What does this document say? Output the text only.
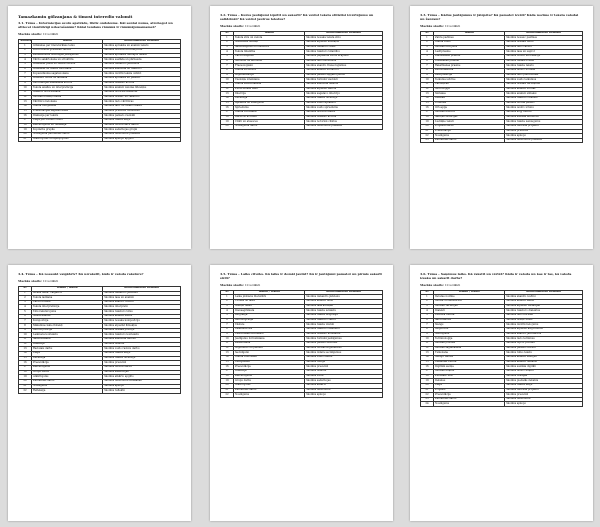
Tamazkamin gölzanjana & timosi interedio valomit
3.1. Tēma – Informācijas avotu apstrāde, tiklīz ondokums. Kāi sentai numa, atrobegot un attiecei vienlīdzīgi uzkarašanām? Kāīai tendans rāmānā ir rāmānājumamamet?
Mazāks skaits: 10 uzdākti
Numurs	Tematī	Kontrolāmacaii vienilibn
1	Grāmatas par literaturālais temu	Skolēns apraksta un analizē tekstu
2	Kontrolveids grāmatas valodā	Skolēns novērtē un interpretē
3	Parādīsimiem nozīmīgas jautājumus	Skolēns apraksta rādītājus tekstā
4	Vārdu sakārtošana un struktūra	Skolēns sastāda un pārbauda
5	Grāmatas plāns un teksta uzbūve	Skolēns izskaidro jēdzienus
6	Grāmatas un teksta veidošana	Skolēns salīdzina un raksturo
7	Kopsavilkuma sagatavošana	Skolēns izvērtē teksta uzbūvi
8	Grāmatu izvēle un lasīšana	Skolēns apraksta un pamato
9	Informācijas meklēšana avotos	Skolēns izmanto avotus
10	Teksta analīze un interpretācija	Skolēns analizē valodas līdzekļus
11	Atsauču noformēšana	Skolēns noformē atsauces
12	Valodas līdzekļi tekstā	Skolēns nosauc un raksturo
13	Vārdnīcu lietošana	Skolēns lieto vārdnīcas
14	Teksta rediģēšana	Skolēns labo un uzlabo tekstu
15	Prezentācijas sagatavošana	Skolēns prezentē rezultātus
16	Diskusija par tekstu	Skolēns pamato viedokli
17	Eseja par izvēlēto tēmu	Skolēns raksta eseju
18	Pašvērtējums un refleksija	Skolēns izvērtē savu darbu
19	Kopdarbs grupās	Skolēns sadarbojas grupā
20	Noslēguma pārbaudes darbs	Skolēns demonstrē prasmes
21	Atkārtojums un apkopojums	Skolēns apkopo apgūto
3.2. Tēma – Kurus jautājumi izpētīt un sakarīt? Kā veidot teksta stilistisi izvērtējumu un salīdzināt? Kā veidot jautrus tekstus?
Mazāks skaits: 10 uzdākti
Nr	Tematī	Kontrolāmacaii vienilibn
1	Teksta stils un valoda	Skolēns nosaka teksta stilu
2	Stilistiskie līdzekļi	Skolēns atpazīst līdzekļus
3	Salīdzinājums un metafora	Skolēns izskaidro tēlus
4	Teksta tēlainība	Skolēns raksturo tēlainību
5	Vārdu krājums	Skolēns paplašina vārdu krājumu
6	Sinonīmi un antonīmi	Skolēns lieto sinonīmus
7	Frazeoloģismi	Skolēns skaidro frazeoloģismus
8	Teksta struktūra	Skolēns analizē struktūru
9	Argumentācija	Skolēns pamato apgalvojumus
10	Viedokļa izteikšana	Skolēns formulē viedokli
11	Teksta salīdzināšana	Skolēns salīdzina tekstus
12	Publicistikas žanri	Skolēns atpazīst žanrus
13	Intervija	Skolēns sagatavo interviju
14	Recenzija	Skolēns raksta recenziju
15	Apraksts un stāstījums	Skolēns veido aprakstu
16	Spriedums	Skolēns veido spriedumu
17	Teksta vērtēšana	Skolēns novērtē tekstu
18	Darbs ar avotiem	Skolēns izmanto avotus
19	Citāti un atsauces	Skolēns noformē citātus
20	Noslēguma darbs	Skolēns demonstrē prasmes
3.3. Tēma – Kādus jautājumus ir jāizpēta? Kā pamatot izvēli? Kāda nozīme ir teksta valodai un žanram?
Mazāks skaits: 10 uzdākti
Nr	Tematī	Kontrolāmacaii vienilibn
1	Žanra pazīmes	Skolēns nosauc pazīmes
2	Teksta veids	Skolēns nosaka veidu
3	Valodas lietojums	Skolēns lieto valodu
4	Lasītprasme	Skolēns lasa un saprot
5	Klausīšanās prasme	Skolēns uztver informāciju
6	Runāšanas prasme	Skolēns izsaka domas
7	Rakstīšanas prasme	Skolēns raksta tekstu
8	Pareizrakstība	Skolēns ievēro normas
9	Interpunkcija	Skolēns lieto pieturzīmes
10	Teikuma uzbūve	Skolēns veido teikumus
11	Vārdšķiras	Skolēns nosaka vārdšķiras
12	Morfoloģija	Skolēns analizē formas
13	Sintakse	Skolēns analizē sintaksi
14	Leksika	Skolēns raksturo leksiku
15	Fonētika	Skolēns izrunā pareizi
16	Ortoepija	Skolēns ievēro izrunu
17	Valodas kultūra	Skolēns kopj valodu
18	Saziņas situācijas	Skolēns sazinās atbilstoši
19	Lietišķie teksti	Skolēns raksta iesniegumu
20	Projekta darbs	Skolēns izstrādā projektu
21	Prezentācija	Skolēns prezentē
22	Noslēgums	Skolēns apkopo
23	Pārbaudes darbs	Skolēns demonstrē prasmes
3.4. Tēma – Kā nosaukt vaigābrīv? Kā uzrakstīt, kāds ir valoda raksturs?
Mazāks skaits: 10 uzdākti
Nr	Tematī / tekstu	Kontrolāmacaii vienilibn
1	Ievads tēmā "vaigābrīv"	Skolēns izskaidro jēdzienu
2	Teksta lasīšana	Skolēns lasa un analizē
3	Vārdu nozīme	Skolēns skaidro nozīmi
4	Teksta interpretācija	Skolēns interpretē
5	Tēlu raksturojums	Skolēns raksturo tēlus
6	Sižeta analīze	Skolēns analizē sižetu
7	Kompozīcija	Skolēns nosaka kompozīciju
8	Mākslinieciskie līdzekļi	Skolēns atpazīst līdzekļus
9	Autora pozīcija	Skolēns nosaka pozīciju
10	Laikmeta konteksts	Skolēns raksturo kontekstu
11	Salīdzināšana	Skolēns salīdzina darbus
12	Diskusija	Skolēns diskutē
13	Radošais darbs	Skolēns veido radošu darbu
14	Eseja	Skolēns raksta eseju
15	Recenzija	Skolēns raksta recenziju
16	Prezentācija	Skolēns prezentē
17	Pašvērtējums	Skolēns izvērtē darbu
18	Grupu darbs	Skolēns sadarbojas
19	Atkārtojums	Skolēns atkārto apgūto
20	Pārbaudes darbs	Skolēns demonstrē zināšanas
21	Noslēgums	Skolēns apkopo
22	Refleksija	Skolēns reflektē
3.5. Tēma – Laiks cilvēks. Kā laiks ir domāt jautāt? Kā ir jautājumi pamatot un pirmis sakarīt sirdī?
Mazāks skaits: 10 uzdākti
Nr	Tematī / Tekstu	Kontrolāmacaii vienilibn
1	Laika jēdziens literatūrā	Skolēns izskaidro jēdzienu
2	Cilvēks un laiks	Skolēns analizē tēmu
3	Atmiņu teksti	Skolēns lasa atmiņas
4	Dienasgrāmata	Skolēns raksta ierakstu
5	Biogrāfija	Skolēns raksta biogrāfiju
6	Autobiogrāfija	Skolēns raksturo žanru
7	Vēstule	Skolēns raksta vēstuli
8	Laikmeta tēls	Skolēns raksturo laikmetu
9	Vēsturiskais konteksts	Skolēns izmanto kontekstu
10	Jautājumu formulēšana	Skolēns formulē jautājumus
11	Pamatošana	Skolēns pamato atbildes
12	Argumenti un piemēri	Skolēns izvēlas argumentus
13	Secinājumi	Skolēns izdara secinājumus
14	Teksta veidošana	Skolēns veido tekstu
15	Rediģēšana	Skolēns rediģē
16	Prezentācija	Skolēns prezentē
17	Diskusija	Skolēns diskutē
18	Pašvērtējums	Skolēns vērtē
19	Grupu darbs	Skolēns sadarbojas
20	Atkārtojums	Skolēns atkārto
21	Pārbaudes darbs	Skolēns demonstrē
22	Noslēgums	Skolēns apkopo
3.6. Tēma – Saņēmus laiks. Kā rakstīt un vērtēt? Kāda ir valoda un kas ir tas, kā valoda izsaka un sakarīt darbs?
Mazāks skaits: 10 uzdākti
Nr	Tematī / Teksts	Kontrolāmacaii vienilibn
1	Valodas nozīme	Skolēns skaidro nozīmi
2	Valoda un sabiedrība	Skolēns analizē saikni
3	Valodas variācijas	Skolēns atpazīst variācijas
4	Dialekti	Skolēns raksturo dialektus
5	Literārā valoda	Skolēns lieto normas
6	Sarunvaloda	Skolēns nošķir stilus
7	Slengs	Skolēns izvērtē lietojumu
8	Aizguvumi	Skolēns atpazīst aizguvumus
9	Neoloģismi	Skolēns skaidro jaunvārdus
10	Terminoloģija	Skolēns lieto terminus
11	Valodas politika	Skolēns izprot politiku
12	Valodas saglabāšana	Skolēns pamato nozīmi
13	Tulkošana	Skolēns tulko tekstu
14	Mediju valoda	Skolēns analizē medijus
15	Reklāmas valoda	Skolēns analizē reklāmu
16	Digitālā saziņa	Skolēns sazinās digitāli
17	Valodas etiķete	Skolēns ievēro etiķeti
18	Publiskā runa	Skolēns uzstājas
19	Debates	Skolēns piedalās debatēs
20	Eseja	Skolēns raksta eseju
21	Projekts	Skolēns izstrādā projektu
22	Prezentācija	Skolēns prezentē
23	Pārbaudes darbs	Skolēns demonstrē
24	Noslēgums	Skolēns apkopo
